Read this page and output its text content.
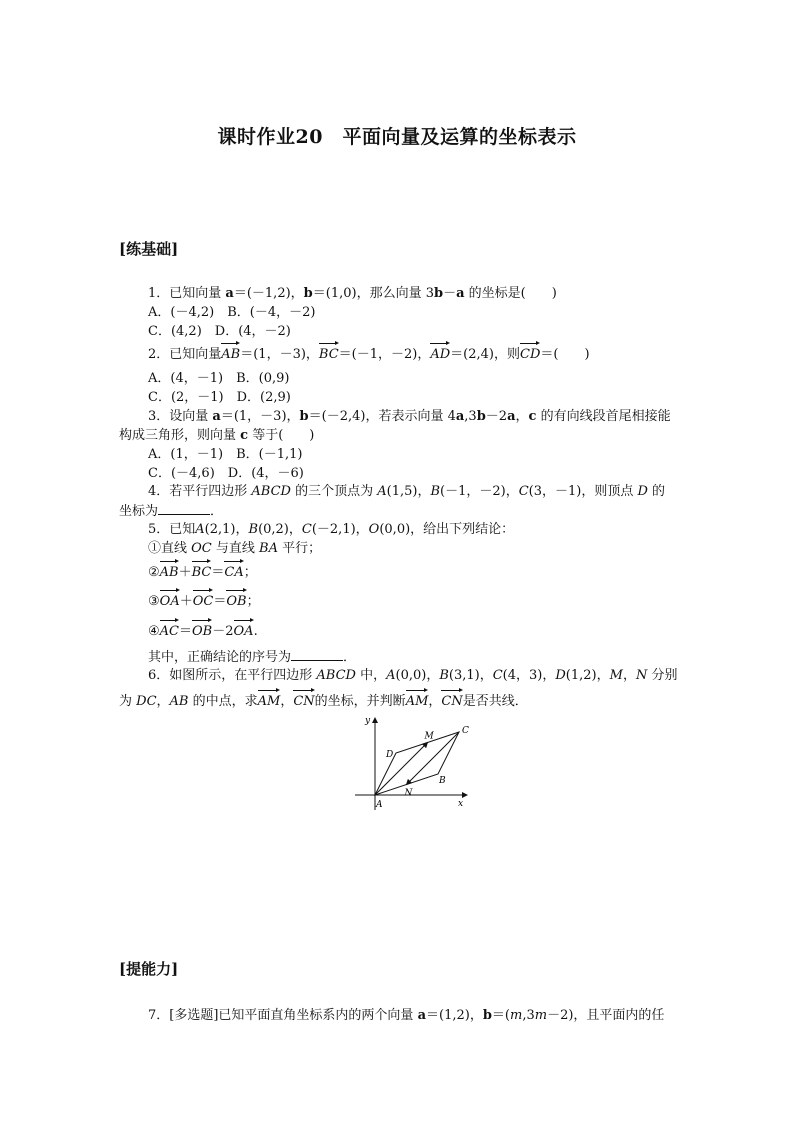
课时作业20　平面向量及运算的坐标表示
[练基础]
1．已知向量 a＝(－1,2)，b＝(1,0)，那么向量 3b－a 的坐标是( )
A．(－4,2)　B．(－4，－2)
C．(4,2)　D．(4，－2)
2．已知向量AB＝(1，－3)，BC＝(－1，－2)，AD＝(2,4)，则CD＝( )
A．(4，－1)　B．(0,9)
C．(2，－1)　D．(2,9)
3．设向量 a＝(1，－3)，b＝(－2,4)，若表示向量 4a,3b－2a，c 的有向线段首尾相接能
构成三角形，则向量 c 等于( )
A．(1，－1)　B．(－1,1)
C．(－4,6)　D．(4，－6)
4．若平行四边形 ABCD 的三个顶点为 A(1,5)，B(－1，－2)，C(3，－1)，则顶点 D 的
坐标为	．
5．已知A(2,1)，B(0,2)，C(－2,1)，O(0,0)，给出下列结论：
①直线 OC 与直线 BA 平行；
②AB＋BC＝CA；
③OA＋OC＝OB；
④AC＝OB－2OA.
其中，正确结论的序号为	．
6．如图所示，在平行四边形 ABCD 中，A(0,0)，B(3,1)，C(4，3)，D(1,2)，M，N 分别
为 DC，AB 的中点，求AM，CN的坐标，并判断AM，CN是否共线．
y
x
A
B
C
D
M
N
[提能力]
7．[多选题]已知平面直角坐标系内的两个向量 a＝(1,2)，b＝(m,3m－2)，且平面内的任
